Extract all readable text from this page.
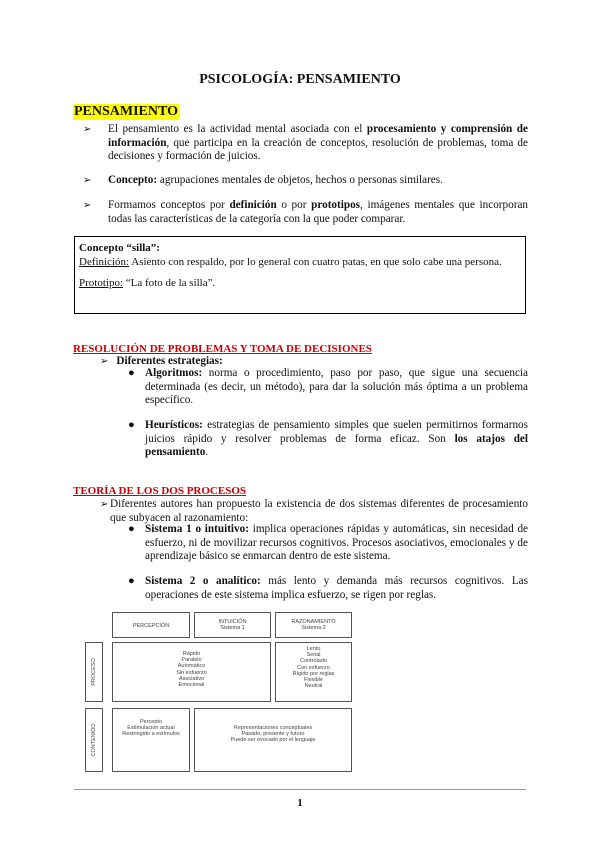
PSICOLOGÍA: PENSAMIENTO
PENSAMIENTO
➢ El pensamiento es la actividad mental asociada con el procesamiento y comprensión de información, que participa en la creación de conceptos, resolución de problemas, toma de decisiones y formación de juicios.
➢ Concepto: agrupaciones mentales de objetos, hechos o personas similares.
➢ Formamos conceptos por definición o por prototipos, imágenes mentales que incorporan todas las características de la categoría con la que poder comparar.
Concepto “silla”:
Definición: Asiento con respaldo, por lo general con cuatro patas, en que solo cabe una persona.
Prototipo: “La foto de la silla”.
RESOLUCIÓN DE PROBLEMAS Y TOMA DE DECISIONES
➢ Diferentes estrategias:
● Algoritmos: norma o procedimiento, paso por paso, que sigue una secuencia determinada (es decir, un método), para dar la solución más óptima a un problema específico.
● Heurísticos: estrategias de pensamiento simples que suelen permitirnos formarnos juicios rápido y resolver problemas de forma eficaz. Son los atajos del pensamiento.
TEORÍA DE LOS DOS PROCESOS
➢ Diferentes autores han propuesto la existencia de dos sistemas diferentes de procesamiento que subyacen al razonamiento:
● Sistema 1 o intuitivo: implica operaciones rápidas y automáticas, sin necesidad de esfuerzo, ni de movilizar recursos cognitivos. Procesos asociativos, emocionales y de aprendizaje básico se enmarcan dentro de este sistema.
● Sistema 2 o analítico: más lento y demanda más recursos cognitivos. Las operaciones de este sistema implica esfuerzo, se rigen por reglas.
PERCEPCIÓN
INTUICIÓN
Sistema 1
RAZONAMIENTO
Sistema 2
PROCESO
CONTENIDO
Rápido
Paralelo
Automático
Sin esfuerzo
Asociativo
Emocional
Lento
Serial
Controlado
Con esfuerzo
Rígido por reglas
Flexible
Neutral
Percepto
Estimulación actual
Restringido a estímulos
Representaciones conceptuales
Pasado, presente y futuro
Puede ser evocado por el lenguaje
1
